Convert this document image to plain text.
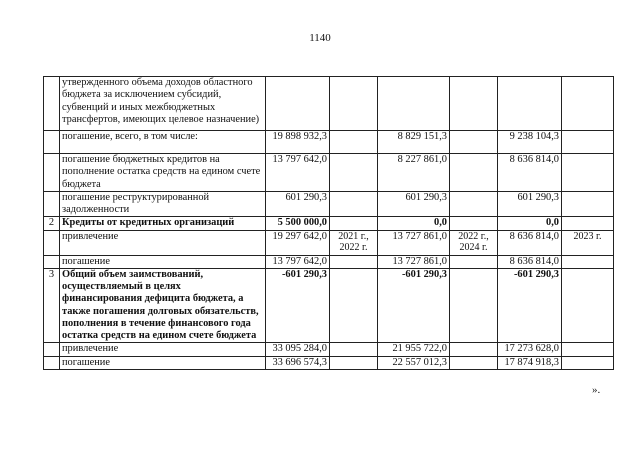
1140
	утвержденного объема доходов областного бюджета за исключением субсидий, субвенций и иных межбюджетных трансфертов, имеющих целевое назначение)						
	погашение, всего, в том числе:	19 898 932,3		8 829 151,3		9 238 104,3	
	погашение бюджетных кредитов на пополнение остатка средств на едином счете бюджета	13 797 642,0		8 227 861,0		8 636 814,0	
	погашение реструктурированной задолженности	601 290,3		601 290,3		601 290,3	
2	Кредиты от кредитных организаций	5 500 000,0		0,0		0,0	
	привлечение	19 297 642,0	2021 г., 2022 г.	13 727 861,0	2022 г., 2024 г.	8 636 814,0	2023 г.
	погашение	13 797 642,0		13 727 861,0		8 636 814,0	
3	Общий объем заимствований, осуществляемый в целях финансирования дефицита бюджета, а также погашения долговых обязательств, пополнения в течение финансового года остатка средств на едином счете бюджета	-601 290,3		-601 290,3		-601 290,3	
	привлечение	33 095 284,0		21 955 722,0		17 273 628,0	
	погашение	33 696 574,3		22 557 012,3		17 874 918,3	
».
